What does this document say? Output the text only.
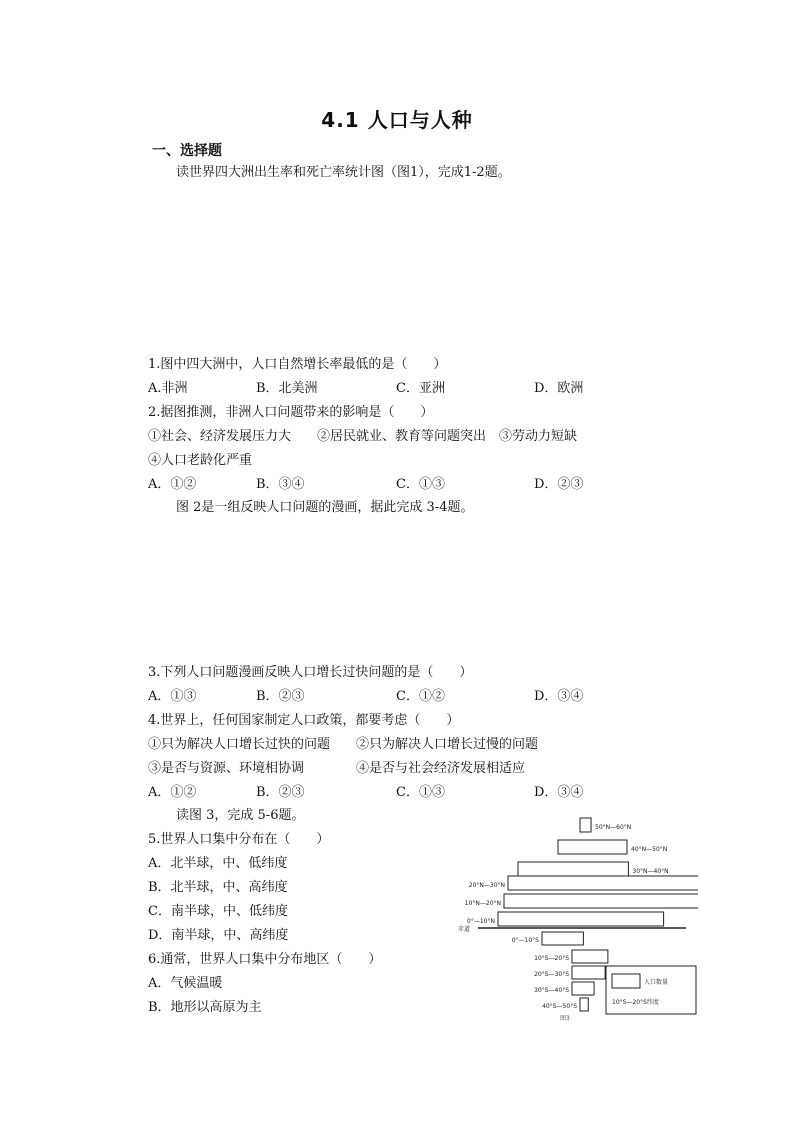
4.1 人口与人种
一、选择题
读世界四大洲出生率和死亡率统计图（图1），完成1-2题。
1.图中四大洲中，人口自然增长率最低的是（　　）
A.非洲	B．北美洲	C．亚洲	D．欧洲
2.据图推测，非洲人口问题带来的影响是（　　）
①社会、经济发展压力大　　②居民就业、教育等问题突出　③劳动力短缺
④人口老龄化严重
A．①②	B．③④	C．①③	D．②③
图 2是一组反映人口问题的漫画，据此完成 3-4题。
3.下列人口问题漫画反映人口增长过快问题的是（　　）
A．①③	B．②③	C．①②	D．③④
4.世界上，任何国家制定人口政策，都要考虑（　　）
①只为解决人口增长过快的问题　　②只为解决人口增长过慢的问题
③是否与资源、环境相协调　　　　④是否与社会经济发展相适应
A．①②	B．②③	C．①③	D．③④
读图 3，完成 5-6题。
5.世界人口集中分布在（　　）
A．北半球，中、低纬度
B．北半球，中、高纬度
C．南半球，中、低纬度
D．南半球，中、高纬度
6.通常，世界人口集中分布地区（　　）
A．气候温暖
B．地形以高原为主
50°N—60°N
40°N—50°N
30°N—40°N
20°N—30°N
10°N—20°N
0°—10°N
0°—10°S
10°S—20°S
20°S—30°S
30°S—40°S
40°S—50°S
赤道
人口数量
10°S—20°S纬度
图3
